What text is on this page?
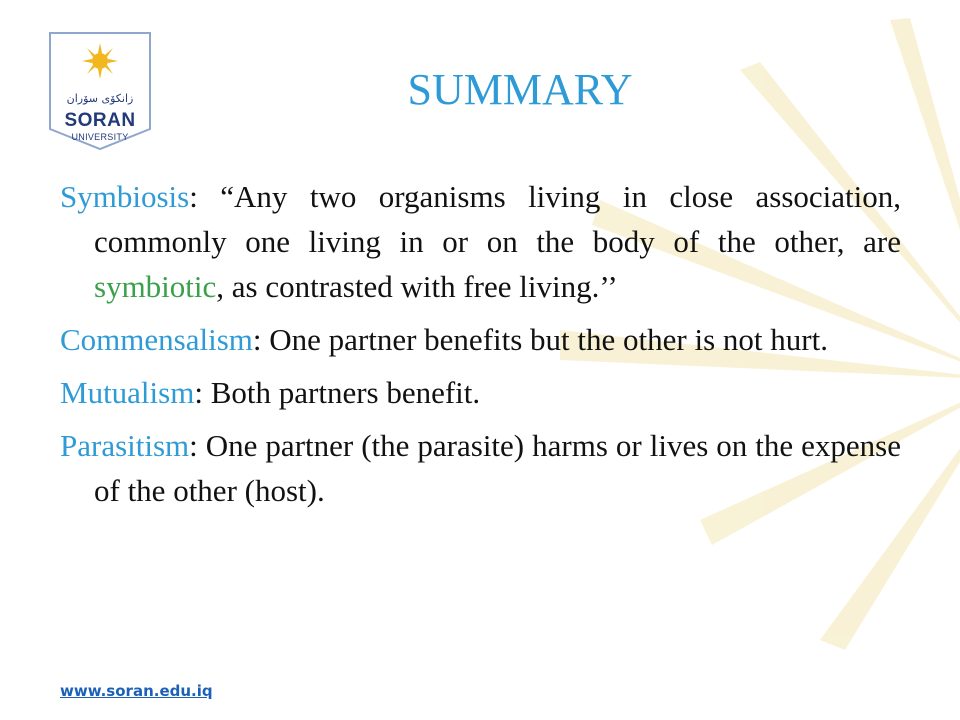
زانكۆی سۆران
SORAN
UNIVERSITY
SUMMARY

Symbiosis: “Any two organisms living in close association, commonly one living in or on the body of the other, are symbiotic, as contrasted with free living.’’

Commensalism: One partner benefits but the other is not hurt.

Mutualism: Both partners benefit.

Parasitism: One partner (the parasite) harms or lives on the expense of the other (host).

www.soran.edu.iq
